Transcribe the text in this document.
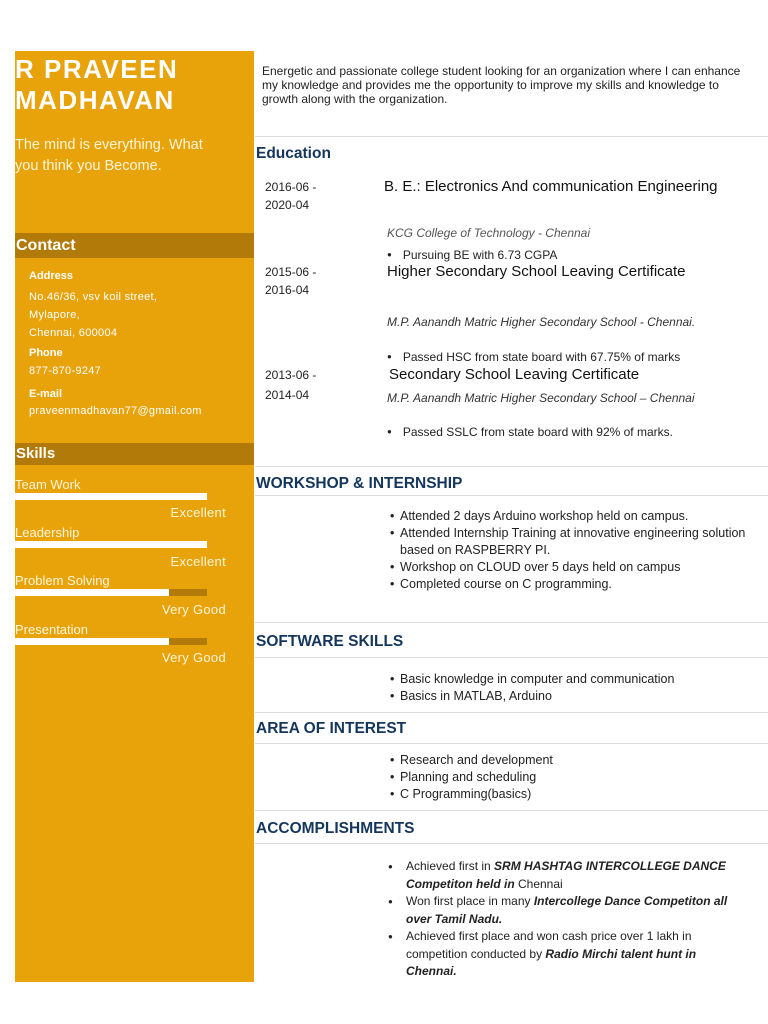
R PRAVEEN
MADHAVAN
The mind is everything. What you think you Become.
Contact
Address
No.46/36, vsv koil street,
Mylapore,
Chennai, 600004
Phone
877-870-9247
E-mail
praveenmadhavan77@gmail.com
Skills
Team Work
Excellent
Leadership
Excellent
Problem Solving
Very Good
Presentation
Very Good
Energetic and passionate college student looking for an organization where I can enhance my knowledge and provides me the opportunity to improve my skills and knowledge to growth along with the organization.
Education
2016-06 -
2020-04
B. E.: Electronics And communication Engineering
KCG College of Technology - Chennai
● Pursuing BE with 6.73 CGPA
2015-06 -
2016-04
Higher Secondary School Leaving Certificate
M.P. Aanandh Matric Higher Secondary School - Chennai.
● Passed HSC from state board with 67.75% of marks
2013-06 -
2014-04
Secondary School Leaving Certificate
M.P. Aanandh Matric Higher Secondary School – Chennai
● Passed SSLC from state board with 92% of marks.
WORKSHOP & INTERNSHIP
• Attended 2 days Arduino workshop held on campus.
• Attended Internship Training at innovative engineering solution based on RASPBERRY PI.
• Workshop on CLOUD over 5 days held on campus
• Completed course on C programming.
SOFTWARE SKILLS
• Basic knowledge in computer and communication
• Basics in MATLAB, Arduino
AREA OF INTEREST
• Research and development
• Planning and scheduling
• C Programming(basics)
ACCOMPLISHMENTS
● Achieved first in SRM HASHTAG INTERCOLLEGE DANCE Competiton held in Chennai
● Won first place in many Intercollege Dance Competiton all over Tamil Nadu.
● Achieved first place and won cash price over 1 lakh in competition conducted by Radio Mirchi talent hunt in Chennai.
